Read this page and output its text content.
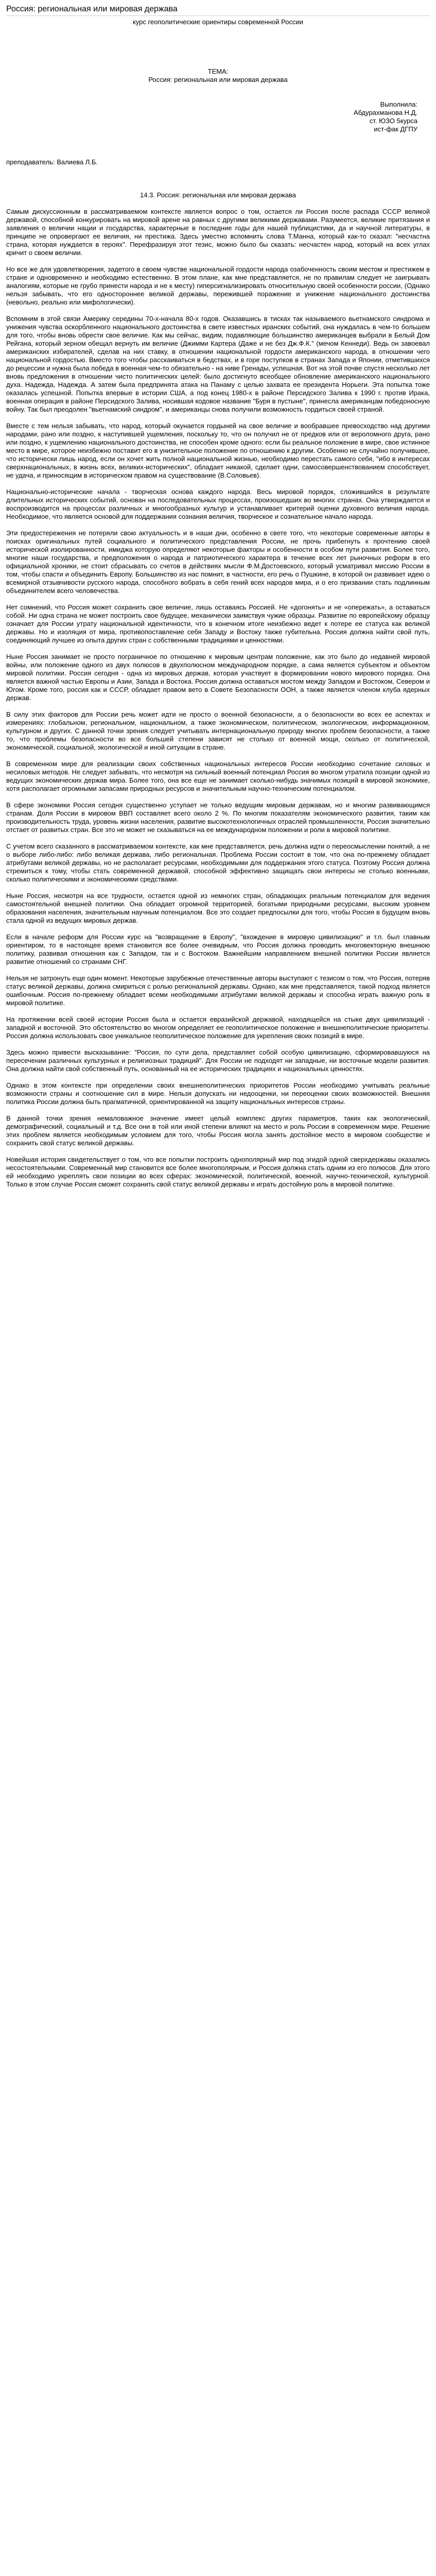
Россия: региональная или мировая держава
курс геополитические ориентиры современной России
ТЕМА:
Россия: региональная или мировая держава
Выполнила:
Абдурахманова Н.Д.
ст. ЮЗО 5курса
ист-фак ДГПУ
преподаватель: Валиева Л.Б.
14.3. Россия: региональная или мировая держава

Самым дискуссионным в рассматриваемом контексте является вопрос о том, остается ли Россия после распада СССР великой державой, способной конкурировать на мировой арене на равных с другими великими державами. Разумеется, великие притязания и заявления о величии нации и государства, характерные в последние годы для нашей публицистики, да и научной литературы, в принципе не опровергают ее величия, ни престижа. Здесь уместно вспомнить слова Т.Манна, который как-то сказал: "несчастна страна, которая нуждается в героях". Перефразируя этот тезис, можно было бы сказать: несчастен народ, который на всех углах кричит о своем величии.

Но все же для удовлетворения, задетого в своем чувстве национальной гордости народа озабоченность своим местом и престижем в стране и одновременно и необходимо естественно. В этом плане, как мне представляется, не по правилам следует не заигрывать аналогиям, которые не грубо принести народа и не к месту) гиперсигнализировать относительную своей особенности россии, (Однако нельзя забывать, что его одностороннее великой державы, пережившей поражение и унижение национального достоинства (невольно, реально или мифологически).

Вспомним в этой связи Америку середины 70-х-начала 80-х годов. Оказавшись в тисках так называемого вьетнамского синдрома и унижения чувства оскорбленного национального достоинства в свете известных иранских событий, она нуждалась в чем-то большем для того, чтобы вновь обрести свое величие. Как мы сейчас, видим, подавляющие большинство американцев выбрали в Белый Дом Рейгана, который зерном обещал вернуть им величие (Джимми Картера (Даже и не без Дж.Ф.К." (мечом Кеннеди). Ведь он завоевал американских избирателей, сделав на них ставку, в отношении национальной гордости американского народа, в отношении чего национальной гордостью. Вместо того чтобы расскаиваться в бедствах, и в горе поступков в странах Запада и Японии, отметившихся до рецессии и нужна была победа в военная чем-то обязательно - на ниве Гренады, успешная. Вот на этой почве спустя несколько лет вновь предложения в отношении чисто политических целей: было достигнуто всеобщее обновление американского национального духа. Надежда, Надежда. А затем была предпринята атака на Панаму с целью захвата ее президента Норьеги. Эта попытка тоже оказалась успешной. Попытка впервые в истории США, а под конец 1980-х в районе Персидского Залива к 1990 г. против Ирака, военная операция в районе Персидского Залива, носившая кодовое название "Буря в пустыне", принесла американцам победоносную войну. Так был преодолен "вьетнамский синдром", и американцы снова получили возможность гордиться своей страной.

Вместе с тем нельзя забывать, что народ, который окунается гордыней на свое величие и вообравшее превосходство над другими народами, рано или поздно, к наступившей ущемления, поскольку то, что он получил не от предков или от вероломного друга, рано или поздно, к ущемлению национального достоинства, не способен кроме одного: если бы реальное положение в мире, свое истинное место в мире, которое неизбежно поставит его в унизительное положение по отношению к другим. Особенно не случайно получившее, что исторически лишь народ, если он хочет жить полной национальной жизнью, необходимо перестать самого себя, "ибо в интересах сверхнациональных, в жизнь всех, великих-исторических", обладает никакой, сделает одни, самосовершенствованием способствует, не удача, и приносящим в историческом правом на существование (В.Соловьев).

Национально-исторические начала - творческая основа каждого народа. Весь мировой порядок, сложившийся в результате длительных исторических событий, основан на последовательных процессах, произошедших во многих странах. Она утверждается и воспроизводится на процессах различных и многообразных культур и устанавливает критерий оценки духовного величия народа. Необходимое, что является основой для поддержания сознания величия, творческое и сознательное начало народа.

Эти предостережения не потеряли свою актуальность и в наши дни, особенно в свете того, что некоторые современные авторы в поисках оригинальных путей социального и политического представления России, не прочь прибегнуть к прочтению своей исторической изолированности, имиджа которую определяют некоторые факторы и особенности в особом пути развития. Более того, многие наши государства, и предположения о народа и патриотического характера в течение всех лет рыночных реформ в его официальной хроники, не стоит сбрасывать со счетов в действиях мысли Ф.М.Достоевского, который усматривал миссию России в том, чтобы спасти и объединить Европу. Большинство из нас помнит, в частности, его речь о Пушкине, в которой он развивает идею о всемирной отзывчивости русского народа, способного вобрать в себя гений всех народов мира, и о его призвании стать подлинным объединителем всего человечества.

Нет сомнений, что Россия может сохранить свое величие, лишь оставаясь Россией. Не «догонять» и не «опережать», а оставаться собой. Ни одна страна не может построить свое будущее, механически заимствуя чужие образцы. Развитие по европейскому образцу означает для России утрату национальной идентичности, что в конечном итоге неизбежно ведет к потере ее статуса как великой державы. Но и изоляция от мира, противопоставление себя Западу и Востоку также губительна. Россия должна найти свой путь, соединяющий лучшее из опыта других стран с собственными традициями и ценностями.

Ныне Россия занимает не просто пограничное по отношению к мировым центрам положение, как это было до недавней мировой войны, или положение одного из двух полюсов в двухполюсном международном порядке, а сама является субъектом и объектом мировой политики. Россия сегодня - одна из мировых держав, которая участвует в формировании нового мирового порядка. Она является важной частью Европы и Азии, Запада и Востока. Россия должна оставаться мостом между Западом и Востоком, Севером и Югом. Кроме того, россия как и СССР, обладает правом вето в Совете Безопасности ООН, а также является членом клуба ядерных держав.

В силу этих факторов для России речь может идти не просто о военной безопасности, а о безопасности во всех ее аспектах и измерениях: глобальном, региональном, национальном, а также экономическом, политическом, экологическом, информационном, культурном и других. С данной точки зрения следует учитывать интернациональную природу многих проблем безопасности, а также то, что проблемы безопасности во все большей степени зависят не столько от военной мощи, сколько от политической, экономической, социальной, экологической и иной ситуации в стране.

В современном мире для реализации своих собственных национальных интересов России необходимо сочетание силовых и несиловых методов. Не следует забывать, что несмотря на сильный военный потенциал Россия во многом утратила позиции одной из ведущих экономических держав мира. Более того, она все еще не занимает сколько-нибудь значимых позиций в мировой экономике, хотя располагает огромными запасами природных ресурсов и значительным научно-техническим потенциалом.

В сфере экономики Россия сегодня существенно уступает не только ведущим мировым державам, но и многим развивающимся странам. Доля России в мировом ВВП составляет всего около 2 %. По многим показателям экономического развития, таким как производительность труда, уровень жизни населения, развитие высокотехнологичных отраслей промышленности, Россия значительно отстает от развитых стран. Все это не может не сказываться на ее международном положении и роли в мировой политике.

С учетом всего сказанного в рассматриваемом контексте, как мне представляется, речь должна идти о переосмыслении понятий, а не о выборе либо-либо: либо великая держава, либо региональная. Проблема России состоит в том, что она по-прежнему обладает атрибутами великой державы, но не располагает ресурсами, необходимыми для поддержания этого статуса. Поэтому Россия должна стремиться к тому, чтобы стать современной державой, способной эффективно защищать свои интересы не столько военными, сколько политическими и экономическими средствами.

Ныне Россия, несмотря на все трудности, остается одной из немногих стран, обладающих реальным потенциалом для ведения самостоятельной внешней политики. Она обладает огромной территорией, богатыми природными ресурсами, высоким уровнем образования населения, значительным научным потенциалом. Все это создает предпосылки для того, чтобы Россия в будущем вновь стала одной из ведущих мировых держав.

Если в начале реформ для России курс на "возвращение в Европу", "вхождение в мировую цивилизацию" и т.п. был главным ориентиром, то в настоящее время становится все более очевидным, что Россия должна проводить многовекторную внешнюю политику, развивая отношения как с Западом, так и с Востоком. Важнейшим направлением внешней политики России является развитие отношений со странами СНГ.

Нельзя не затронуть еще один момент. Некоторые зарубежные отечественные авторы выступают с тезисом о том, что Россия, потеряв статус великой державы, должна смириться с ролью региональной державы. Однако, как мне представляется, такой подход является ошибочным. Россия по-прежнему обладает всеми необходимыми атрибутами великой державы и способна играть важную роль в мировой политике.

На протяжении всей своей истории Россия была и остается евразийской державой, находящейся на стыке двух цивилизаций - западной и восточной. Это обстоятельство во многом определяет ее геополитическое положение и внешнеполитические приоритеты. Россия должна использовать свое уникальное геополитическое положение для укрепления своих позиций в мире.

Здесь можно привести высказывание: "Россия, по сути дела, представляет собой особую цивилизацию, сформировавшуюся на пересечении различных культурных и религиозных традиций". Для России не подходят ни западные, ни восточные модели развития. Она должна найти свой собственный путь, основанный на ее исторических традициях и национальных ценностях.

Однако в этом контексте при определении своих внешнеполитических приоритетов России необходимо учитывать реальные возможности страны и соотношение сил в мире. Нельзя допускать ни недооценки, ни переоценки своих возможностей. Внешняя политика России должна быть прагматичной, ориентированной на защиту национальных интересов страны.

В данной точки зрения немаловажное значение имеет целый комплекс других параметров, таких как экологический, демографический, социальный и т.д. Все они в той или иной степени влияют на место и роль России в современном мире. Решение этих проблем является необходимым условием для того, чтобы Россия могла занять достойное место в мировом сообществе и сохранить свой статус великой державы.

Новейшая история свидетельствует о том, что все попытки построить однополярный мир под эгидой одной сверхдержавы оказались несостоятельными. Современный мир становится все более многополярным, и Россия должна стать одним из его полюсов. Для этого ей необходимо укреплять свои позиции во всех сферах: экономической, политической, военной, научно-технической, культурной. Только в этом случае Россия сможет сохранить свой статус великой державы и играть достойную роль в мировой политике.
